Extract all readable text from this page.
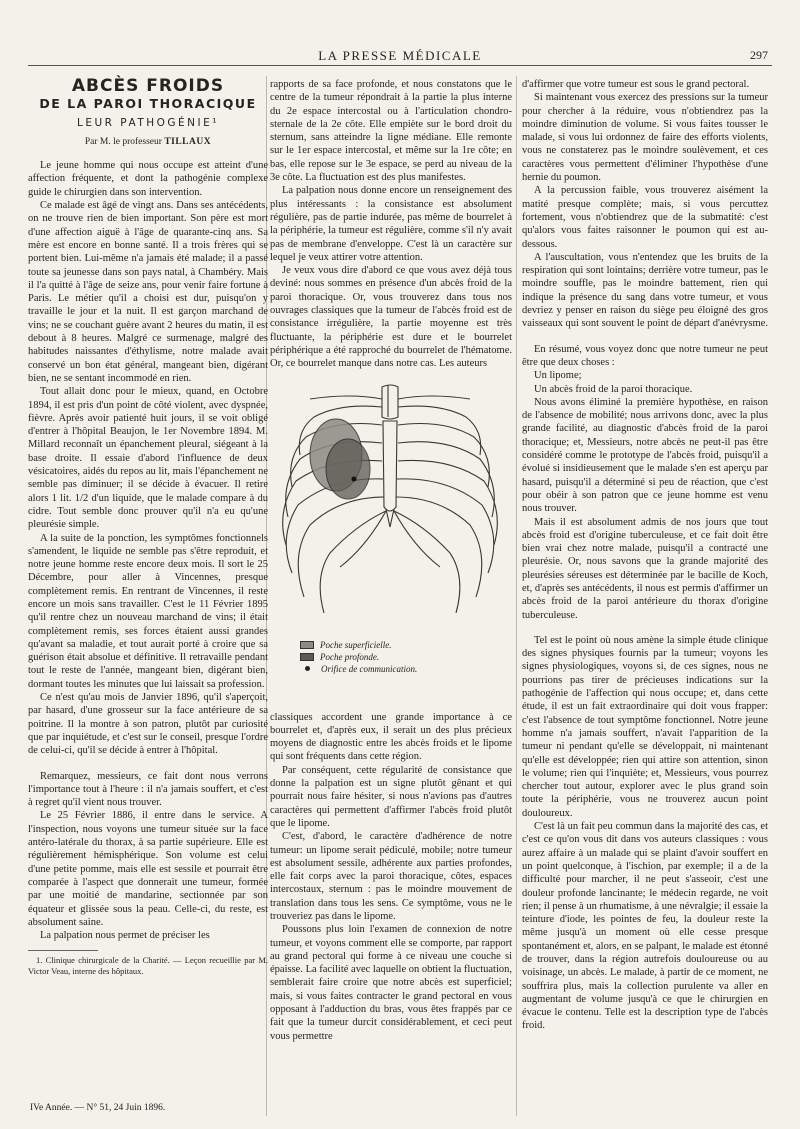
LA PRESSE MÉDICALE	297
ABCÈS FROIDS
DE LA PAROI THORACIQUE
LEUR PATHOGÉNIE¹
Par M. le professeur TILLAUX

Le jeune homme qui nous occupe est atteint d'une affection fréquente, et dont la pathogénie complexe guide le chirurgien dans son intervention.

Ce malade est âgé de vingt ans. Dans ses antécédents, on ne trouve rien de bien important. Son père est mort d'une affection aiguë à l'âge de quarante-cinq ans. Sa mère est encore en bonne santé. Il a trois frères qui se portent bien. Lui-même n'a jamais été malade; il a passé toute sa jeunesse dans son pays natal, à Chambéry. Mais il l'a quitté à l'âge de seize ans, pour venir faire fortune à Paris. Le métier qu'il a choisi est dur, puisqu'on y travaille le jour et la nuit. Il est garçon marchand de vins; ne se couchant guère avant 2 heures du matin, il est debout à 8 heures. Malgré ce surmenage, malgré des habitudes naissantes d'éthylisme, notre malade avait conservé un bon état général, mangeant bien, digérant bien, ne se sentant incommodé en rien.

Tout allait donc pour le mieux, quand, en Octobre 1894, il est pris d'un point de côté violent, avec dyspnée, fièvre. Après avoir patienté huit jours, il se voit obligé d'entrer à l'hôpital Beaujon, le 1er Novembre 1894. M. Millard reconnaît un épanchement pleural, siégeant à la base droite. Il essaie d'abord l'influence de deux vésicatoires, aidés du repos au lit, mais l'épanchement ne semble pas diminuer; il se décide à évacuer. Il retire alors 1 lit. 1/2 d'un liquide, que le malade compare à du cidre. Tout semble donc prouver qu'il n'a eu qu'une pleurésie simple.

A la suite de la ponction, les symptômes fonctionnels s'amendent, le liquide ne semble pas s'être reproduit, et notre jeune homme reste encore deux mois. Il sort le 25 Décembre, pour aller à Vincennes, presque complètement remis. En rentrant de Vincennes, il reste encore un mois sans travailler. C'est le 11 Février 1895 qu'il rentre chez un nouveau marchand de vins; il était complètement remis, ses forces étaient aussi grandes qu'avant sa maladie, et tout aurait porté à croire que sa guérison était absolue et définitive. Il retravaille pendant tout le reste de l'année, mangeant bien, digérant bien, dormant toutes les minutes que lui laissait sa profession.

Ce n'est qu'au mois de Janvier 1896, qu'il s'aperçoit, par hasard, d'une grosseur sur la face antérieure de sa poitrine. Il la montre à son patron, plutôt par curiosité que par inquiétude, et c'est sur le conseil, presque l'ordre de celui-ci, qu'il se décide à entrer à l'hôpital.

Remarquez, messieurs, ce fait dont nous verrons l'importance tout à l'heure : il n'a jamais souffert, et c'est à regret qu'il vient nous trouver.

Le 25 Février 1886, il entre dans le service. A l'inspection, nous voyons une tumeur située sur la face antéro-latérale du thorax, à sa partie supérieure. Elle est régulièrement hémisphérique. Son volume est celui d'une petite pomme, mais elle est sessile et pourrait être comparée à l'aspect que donnerait une tumeur, formée par une moitié de mandarine, sectionnée par son équateur et glissée sous la peau. Celle-ci, du reste, est absolument saine.

La palpation nous permet de préciser les

1. Clinique chirurgicale de la Charité. — Leçon recueillie par M. Victor Veau, interne des hôpitaux.

rapports de sa face profonde, et nous constatons que le centre de la tumeur répondrait à la partie la plus interne du 2e espace intercostal ou à l'articulation chondro-sternale de la 2e côte. Elle empiète sur le bord droit du sternum, sans atteindre la ligne médiane. Elle remonte sur le 1er espace intercostal, et même sur la 1re côte; en bas, elle repose sur le 3e espace, se perd au niveau de la 3e côte. La fluctuation est des plus manifestes.

La palpation nous donne encore un renseignement des plus intéressants : la consistance est absolument régulière, pas de partie indurée, pas même de bourrelet à la périphérie, la tumeur est régulière, comme s'il n'y avait pas de membrane d'enveloppe. C'est là un caractère sur lequel je veux attirer votre attention.

Je veux vous dire d'abord ce que vous avez déjà tous deviné: nous sommes en présence d'un abcès froid de la paroi thoracique. Or, vous trouverez dans tous nos ouvrages classiques que la tumeur de l'abcès froid est de consistance irrégulière, la partie moyenne est très fluctuante, la périphérie est dure et le bourrelet périphérique a été rapproché du bourrelet de l'hématome. Or, ce bourrelet manque dans notre cas. Les auteurs

Poche superficielle.
Poche profonde.
Orifice de communication.

classiques accordent une grande importance à ce bourrelet et, d'après eux, il serait un des plus précieux moyens de diagnostic entre les abcès froids et le lipome qui sont fréquents dans cette région.

Par conséquent, cette régularité de consistance que donne la palpation est un signe plutôt gênant et qui pourrait nous faire hésiter, si nous n'avions pas d'autres caractères qui permettent d'affirmer l'abcès froid plutôt que le lipome.

C'est, d'abord, le caractère d'adhérence de notre tumeur: un lipome serait pédiculé, mobile; notre tumeur est absolument sessile, adhérente aux parties profondes, elle fait corps avec la paroi thoracique, côtes, espaces intercostaux, sternum : pas le moindre mouvement de translation dans tous les sens. Ce symptôme, vous ne le trouveriez pas dans le lipome.

Poussons plus loin l'examen de connexion de notre tumeur, et voyons comment elle se comporte, par rapport au grand pectoral qui forme à ce niveau une couche si épaisse. La facilité avec laquelle on obtient la fluctuation, semblerait faire croire que notre abcès est superficiel; mais, si vous faites contracter le grand pectoral en vous opposant à l'adduction du bras, vous êtes frappés par ce fait que la tumeur durcit considérablement, et ceci peut vous permettre

d'affirmer que votre tumeur est sous le grand pectoral.

Si maintenant vous exercez des pressions sur la tumeur pour chercher à la réduire, vous n'obtiendrez pas la moindre diminution de volume. Si vous faites tousser le malade, si vous lui ordonnez de faire des efforts violents, vous ne constaterez pas le moindre soulèvement, et ces caractères vous permettent d'éliminer l'hypothèse d'une hernie du poumon.

A la percussion faible, vous trouverez aisément la matité presque complète; mais, si vous percuttez fortement, vous n'obtiendrez que de la submatité: c'est qu'alors vous faites raisonner le poumon qui est au-dessous.

A l'auscultation, vous n'entendez que les bruits de la respiration qui sont lointains; derrière votre tumeur, pas le moindre souffle, pas le moindre battement, rien qui indique la présence du sang dans votre tumeur, et vous devriez y penser en raison du siège peu éloigné des gros vaisseaux qui sont souvent le point de départ d'anévrysme.

En résumé, vous voyez donc que notre tumeur ne peut être que deux choses :

Un lipome;

Un abcès froid de la paroi thoracique.

Nous avons éliminé la première hypothèse, en raison de l'absence de mobilité; nous arrivons donc, avec la plus grande facilité, au diagnostic d'abcès froid de la paroi thoracique; et, Messieurs, notre abcès ne peut-il pas être considéré comme le prototype de l'abcès froid, puisqu'il a évolué si insidieusement que le malade s'en est aperçu par hasard, puisqu'il a déterminé si peu de réaction, que c'est pour obéir à son patron que ce jeune homme est venu nous trouver.

Mais il est absolument admis de nos jours que tout abcès froid est d'origine tuberculeuse, et ce fait doit être bien vrai chez notre malade, puisqu'il a contracté une pleurésie. Or, nous savons que la grande majorité des pleurésies séreuses est déterminée par le bacille de Koch, et, d'après ses antécédents, il nous est permis d'affirmer un abcès froid de la paroi antérieure du thorax d'origine tuberculeuse.

Tel est le point où nous amène la simple étude clinique des signes physiques fournis par la tumeur; voyons les signes physiologiques, voyons si, de ces signes, nous ne pourrions pas tirer de précieuses indications sur la pathogénie de l'affection qui nous occupe; et, dans cette étude, il est un fait extraordinaire qui doit vous frapper: c'est l'absence de tout symptôme fonctionnel. Notre jeune homme n'a jamais souffert, n'avait l'apparition de la tumeur ni pendant qu'elle se développait, ni maintenant qu'elle est développée; rien qui attire son attention, sinon le volume; rien qui l'inquiète; et, Messieurs, vous pourrez chercher tout autour, explorer avec le plus grand soin toute la périphérie, vous ne trouverez aucun point douloureux.

C'est là un fait peu commun dans la majorité des cas, et c'est ce qu'on vous dit dans vos auteurs classiques : vous aurez affaire à un malade qui se plaint d'avoir souffert en un point quelconque, à l'ischion, par exemple; il a de la difficulté pour marcher, il ne peut s'asseoir, c'est une douleur profonde lancinante; le médecin regarde, ne voit rien; il pense à un rhumatisme, à une névralgie; il essaie la teinture d'iode, les pointes de feu, la douleur reste la même jusqu'à un moment où elle cesse presque spontanément et, alors, en se palpant, le malade est étonné de trouver, dans la région autrefois douloureuse ou au voisinage, un abcès. Le malade, à partir de ce moment, ne souffrira plus, mais la collection purulente va aller en augmentant de volume jusqu'à ce que le chirurgien en évacue le contenu. Telle est la description type de l'abcès froid.

IVe Année. — N° 51, 24 Juin 1896.
